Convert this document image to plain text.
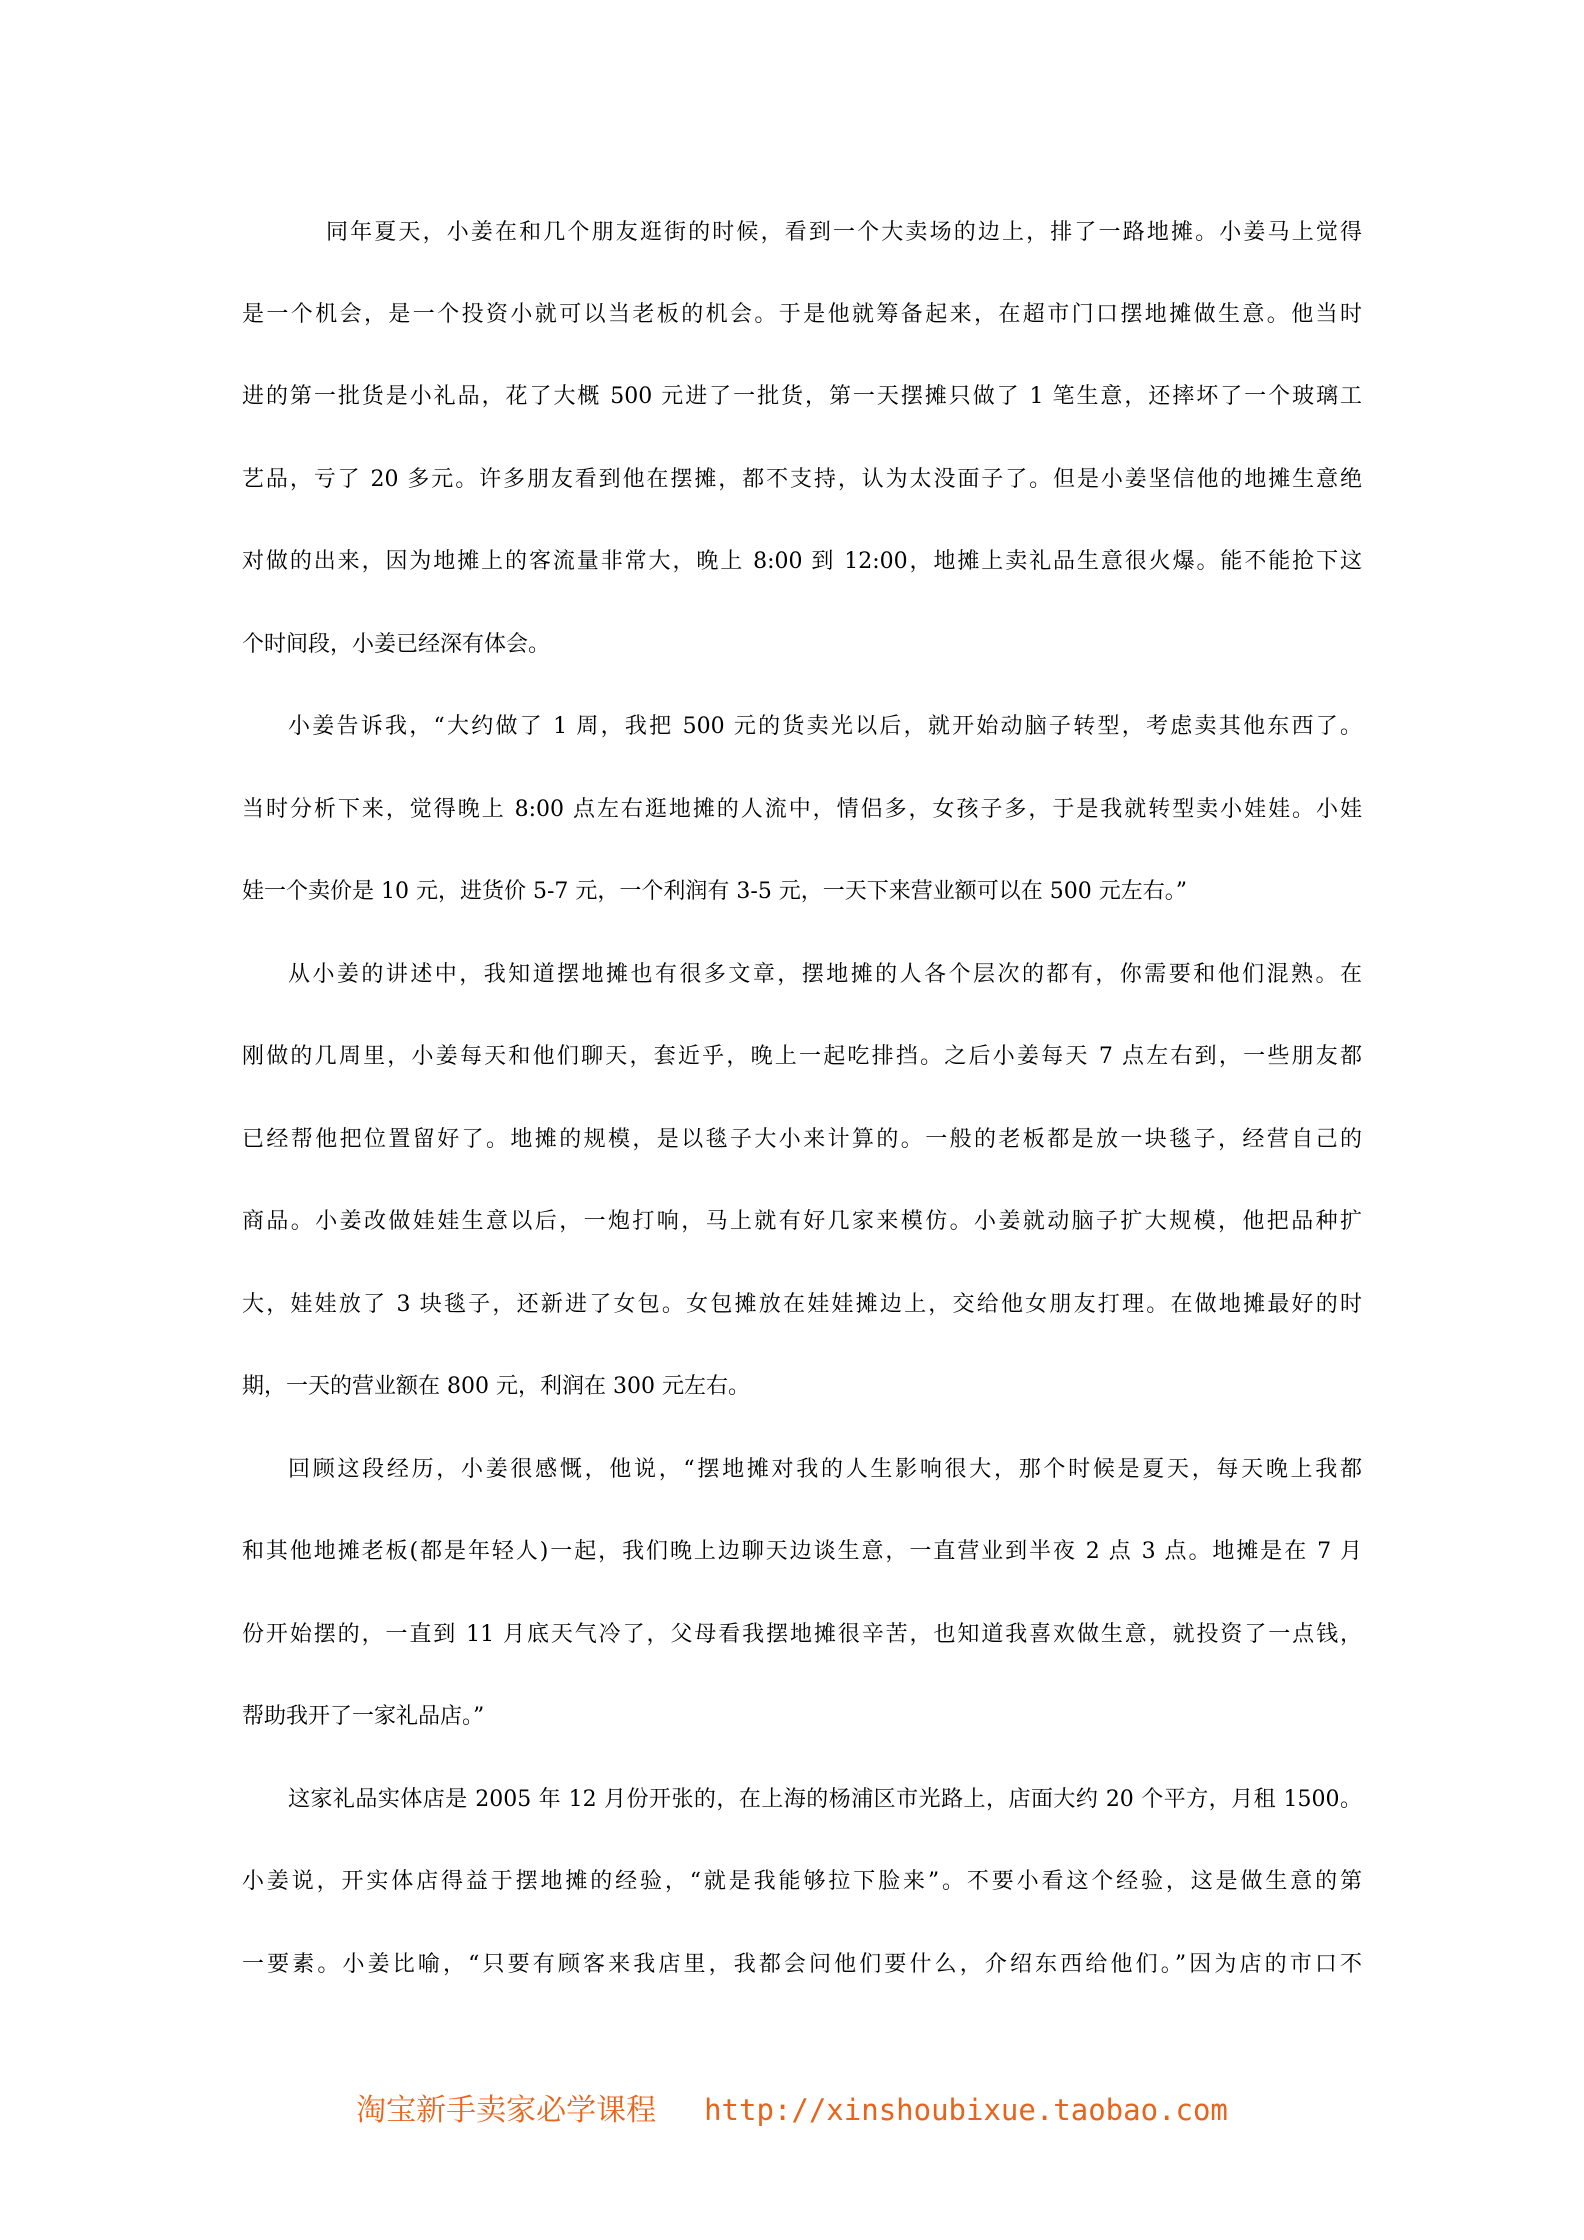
同年夏天，小姜在和几个朋友逛街的时候，看到一个大卖场的边上，排了一路地摊。小姜马上觉得
是一个机会，是一个投资小就可以当老板的机会。于是他就筹备起来，在超市门口摆地摊做生意。他当时
进的第一批货是小礼品，花了大概 500 元进了一批货，第一天摆摊只做了 1 笔生意，还摔坏了一个玻璃工
艺品，亏了 20 多元。许多朋友看到他在摆摊，都不支持，认为太没面子了。但是小姜坚信他的地摊生意绝
对做的出来，因为地摊上的客流量非常大，晚上 8:00 到 12:00，地摊上卖礼品生意很火爆。能不能抢下这
个时间段，小姜已经深有体会。
小姜告诉我，“大约做了 1 周，我把 500 元的货卖光以后，就开始动脑子转型，考虑卖其他东西了。
当时分析下来，觉得晚上 8:00 点左右逛地摊的人流中，情侣多，女孩子多，于是我就转型卖小娃娃。小娃
娃一个卖价是 10 元，进货价 5-7 元，一个利润有 3-5 元，一天下来营业额可以在 500 元左右。”
从小姜的讲述中，我知道摆地摊也有很多文章，摆地摊的人各个层次的都有，你需要和他们混熟。在
刚做的几周里，小姜每天和他们聊天，套近乎，晚上一起吃排挡。之后小姜每天 7 点左右到，一些朋友都
已经帮他把位置留好了。地摊的规模，是以毯子大小来计算的。一般的老板都是放一块毯子，经营自己的
商品。小姜改做娃娃生意以后，一炮打响，马上就有好几家来模仿。小姜就动脑子扩大规模，他把品种扩
大，娃娃放了 3 块毯子，还新进了女包。女包摊放在娃娃摊边上，交给他女朋友打理。在做地摊最好的时
期，一天的营业额在 800 元，利润在 300 元左右。
回顾这段经历，小姜很感慨，他说，“摆地摊对我的人生影响很大，那个时候是夏天，每天晚上我都
和其他地摊老板(都是年轻人)一起，我们晚上边聊天边谈生意，一直营业到半夜 2 点 3 点。地摊是在 7 月
份开始摆的，一直到 11 月底天气冷了，父母看我摆地摊很辛苦，也知道我喜欢做生意，就投资了一点钱，
帮助我开了一家礼品店。”
这家礼品实体店是 2005 年 12 月份开张的，在上海的杨浦区市光路上，店面大约 20 个平方，月租 1500。
小姜说，开实体店得益于摆地摊的经验，“就是我能够拉下脸来”。不要小看这个经验，这是做生意的第
一要素。小姜比喻，“只要有顾客来我店里，我都会问他们要什么，介绍东西给他们。”因为店的市口不
淘宝新手卖家必学课程 http://xinshoubixue.taobao.com
